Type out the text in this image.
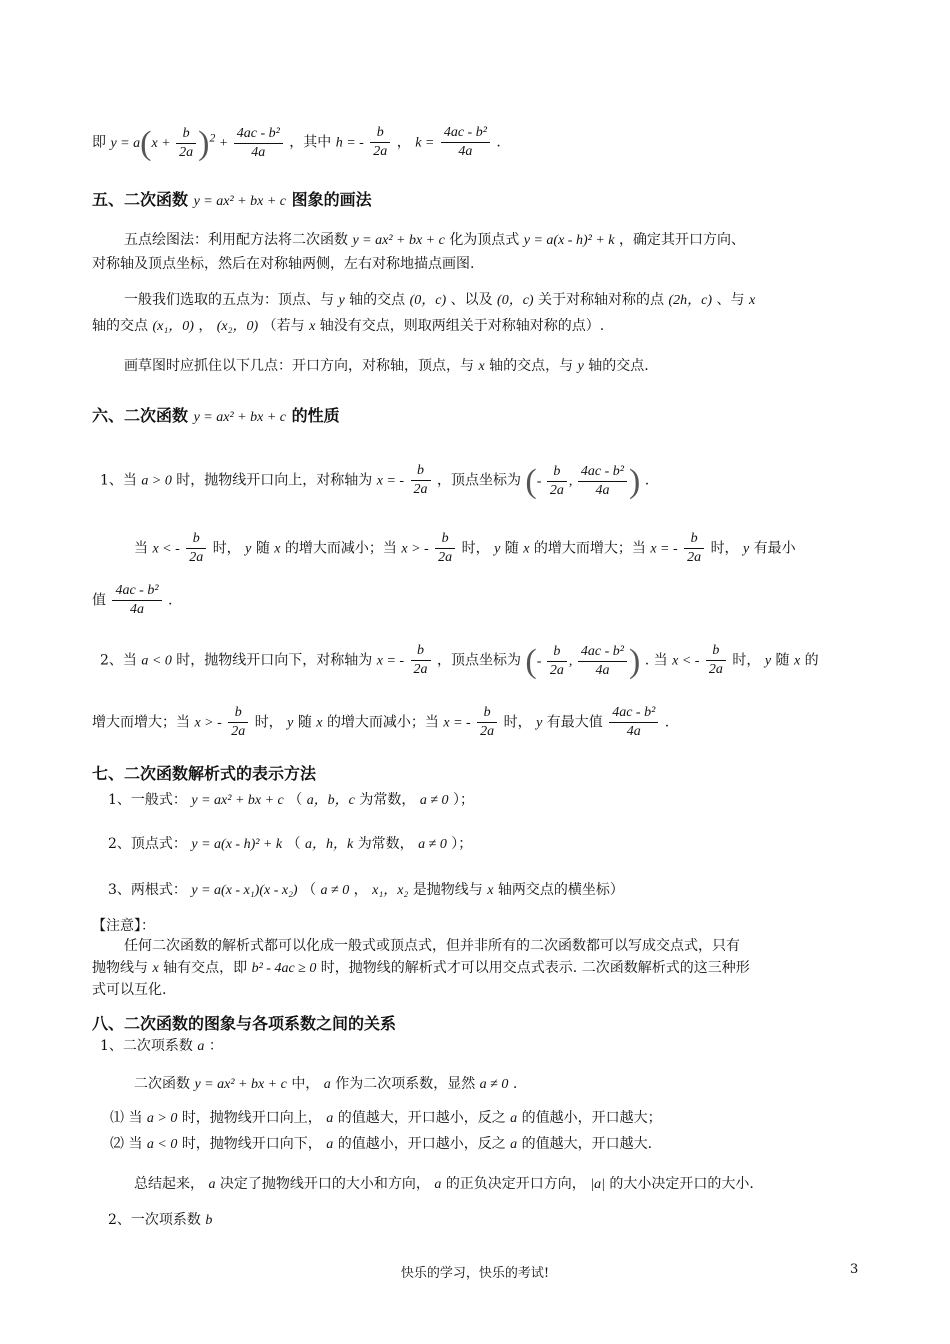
即 $y = a(x + \frac{b}{2a} )^2 + \frac{\text{4ac - b²}}{4a}$ ，其中 h = - $\frac{b}{2a}$ ， $k = \frac{\text{4ac - b²}}{4a}$ .
五、二次函数 y = ax² + bx + c 图象的画法
五点绘图法：利用配方法将二次函数 y = ax² + bx + c 化为顶点式 y = a(x - h)² + k ，确定其开口方向、
对称轴及顶点坐标，然后在对称轴两侧，左右对称地描点画图.
一般我们选取的五点为：顶点、与 y 轴的交点 (0，c) 、以及 (0，c) 关于对称轴对称的点 (2h，c) 、与 x
轴的交点 (x₁，0) ， (x₂，0) （若与 x 轴没有交点，则取两组关于对称轴对称的点）.
画草图时应抓住以下几点：开口方向，对称轴，顶点，与 x 轴的交点，与 y 轴的交点.
六、二次函数 y = ax² + bx + c 的性质
1、当 a > 0 时，抛物线开口向上，对称轴为 x = - $\frac{b}{2a}$ ，顶点坐标为 (- $\frac{b}{2a}$ , $\frac{\text{4ac - b²}}{4a}$ ) .
当 x < - $\frac{b}{2a}$ 时， y 随 x 的增大而减小；当 x > - $\frac{b}{2a}$ 时， y 随 x 的增大而增大；当 x = - $\frac{b}{2a}$ 时， y 有最小
值 $\frac{\text{4ac - b²}}{4a}$ .
2、当 a < 0 时，抛物线开口向下，对称轴为 x = - $\frac{b}{2a}$ ，顶点坐标为 (- $\frac{b}{2a}$ , $\frac{\text{4ac - b²}}{4a}$ ) . 当 x < - $\frac{b}{2a}$ 时， y 随 x 的
增大而增大；当 x > - $\frac{b}{2a}$ 时， y 随 x 的增大而减小；当 x = - $\frac{b}{2a}$ 时， y 有最大值 $\frac{\text{4ac - b²}}{4a}$ .
七、二次函数解析式的表示方法
1、一般式： y = ax² + bx + c （ a，b，c 为常数， a ≠ 0 ）；
2、顶点式： y = a(x - h)² + k （ a，h，k 为常数， a ≠ 0 ）；
3、两根式： y = a(x - x₁)(x - x₂) （ a ≠ 0 ， x₁，x₂ 是抛物线与 x 轴两交点的横坐标）
【注意】：
任何二次函数的解析式都可以化成一般式或顶点式，但并非所有的二次函数都可以写成交点式，只有
抛物线与 x 轴有交点，即 b² - 4ac ≥ 0 时，抛物线的解析式才可以用交点式表示. 二次函数解析式的这三种形
式可以互化.
八、二次函数的图象与各项系数之间的关系
1、二次项系数 a ：
二次函数 y = ax² + bx + c 中， a 作为二次项系数，显然 a ≠ 0 .
⑴ 当 a > 0 时，抛物线开口向上， a 的值越大，开口越小，反之 a 的值越小，开口越大；
⑵ 当 a < 0 时，抛物线开口向下， a 的值越小，开口越小，反之 a 的值越大，开口越大.
总结起来， a 决定了抛物线开口的大小和方向， a 的正负决定开口方向， |a| 的大小决定开口的大小.
2、一次项系数 b
快乐的学习，快乐的考试!	3
